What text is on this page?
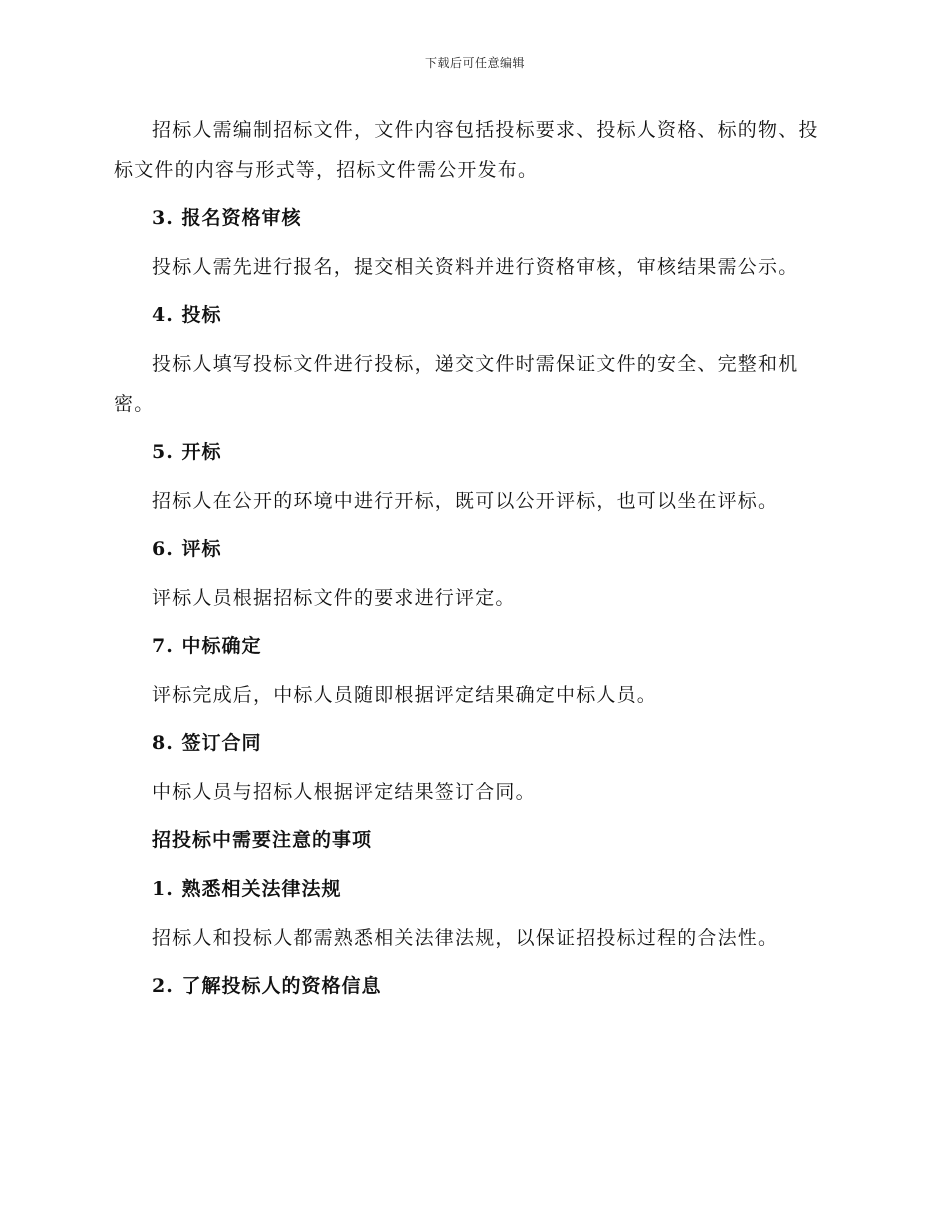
下载后可任意编辑

招标人需编制招标文件，文件内容包括投标要求、投标人资格、标的物、投标文件的内容与形式等，招标文件需公开发布。

3. 报名资格审核

投标人需先进行报名，提交相关资料并进行资格审核，审核结果需公示。

4. 投标

投标人填写投标文件进行投标，递交文件时需保证文件的安全、完整和机密。

5. 开标

招标人在公开的环境中进行开标，既可以公开评标，也可以坐在评标。

6. 评标

评标人员根据招标文件的要求进行评定。

7. 中标确定

评标完成后，中标人员随即根据评定结果确定中标人员。

8. 签订合同

中标人员与招标人根据评定结果签订合同。

招投标中需要注意的事项
1. 熟悉相关法律法规

招标人和投标人都需熟悉相关法律法规，以保证招投标过程的合法性。

2. 了解投标人的资格信息
